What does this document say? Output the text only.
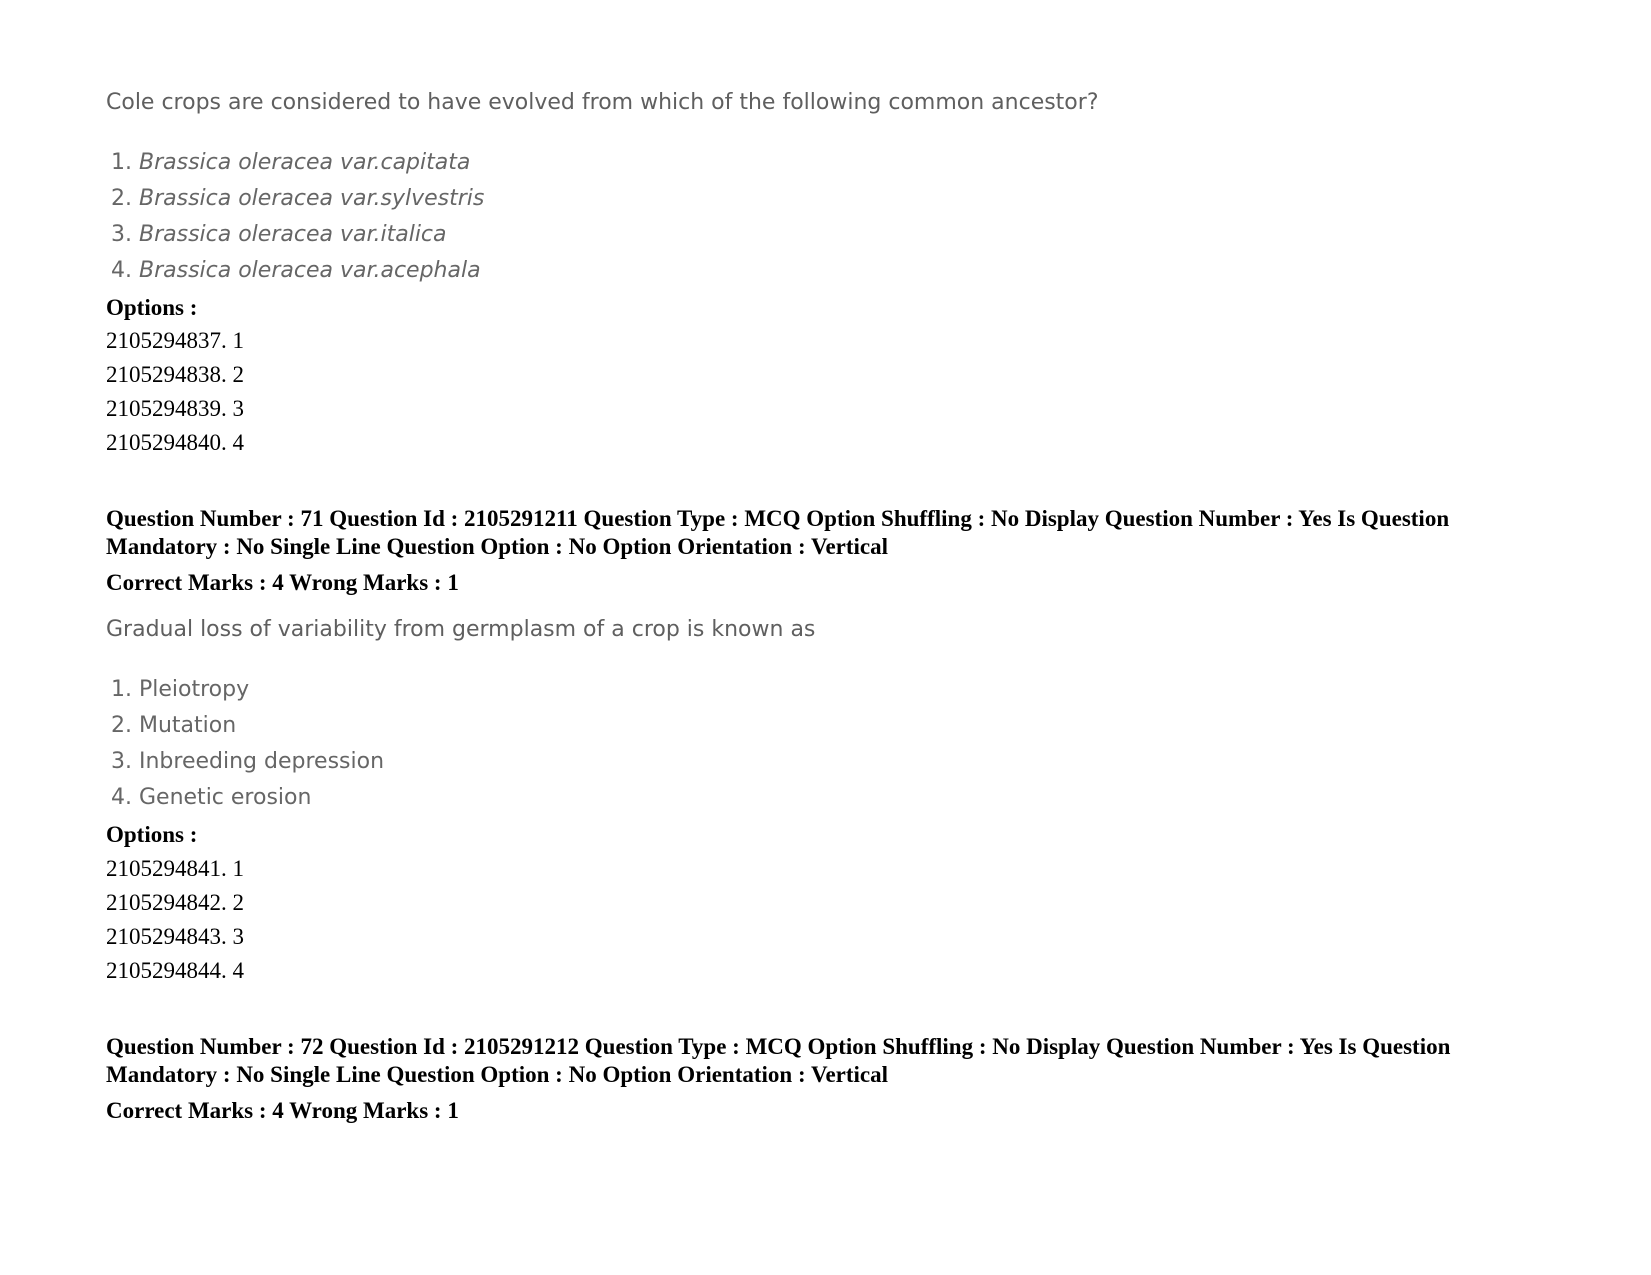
Cole crops are considered to have evolved from which of the following common ancestor?
1. Brassica oleracea var.capitata
2. Brassica oleracea var.sylvestris
3. Brassica oleracea var.italica
4. Brassica oleracea var.acephala
Options :
2105294837. 1
2105294838. 2
2105294839. 3
2105294840. 4
Question Number : 71 Question Id : 2105291211 Question Type : MCQ Option Shuffling : No Display Question Number : Yes Is Question Mandatory : No Single Line Question Option : No Option Orientation : Vertical
Correct Marks : 4 Wrong Marks : 1
Gradual loss of variability from germplasm of a crop is known as
1. Pleiotropy
2. Mutation
3. Inbreeding depression
4. Genetic erosion
Options :
2105294841. 1
2105294842. 2
2105294843. 3
2105294844. 4
Question Number : 72 Question Id : 2105291212 Question Type : MCQ Option Shuffling : No Display Question Number : Yes Is Question Mandatory : No Single Line Question Option : No Option Orientation : Vertical
Correct Marks : 4 Wrong Marks : 1
